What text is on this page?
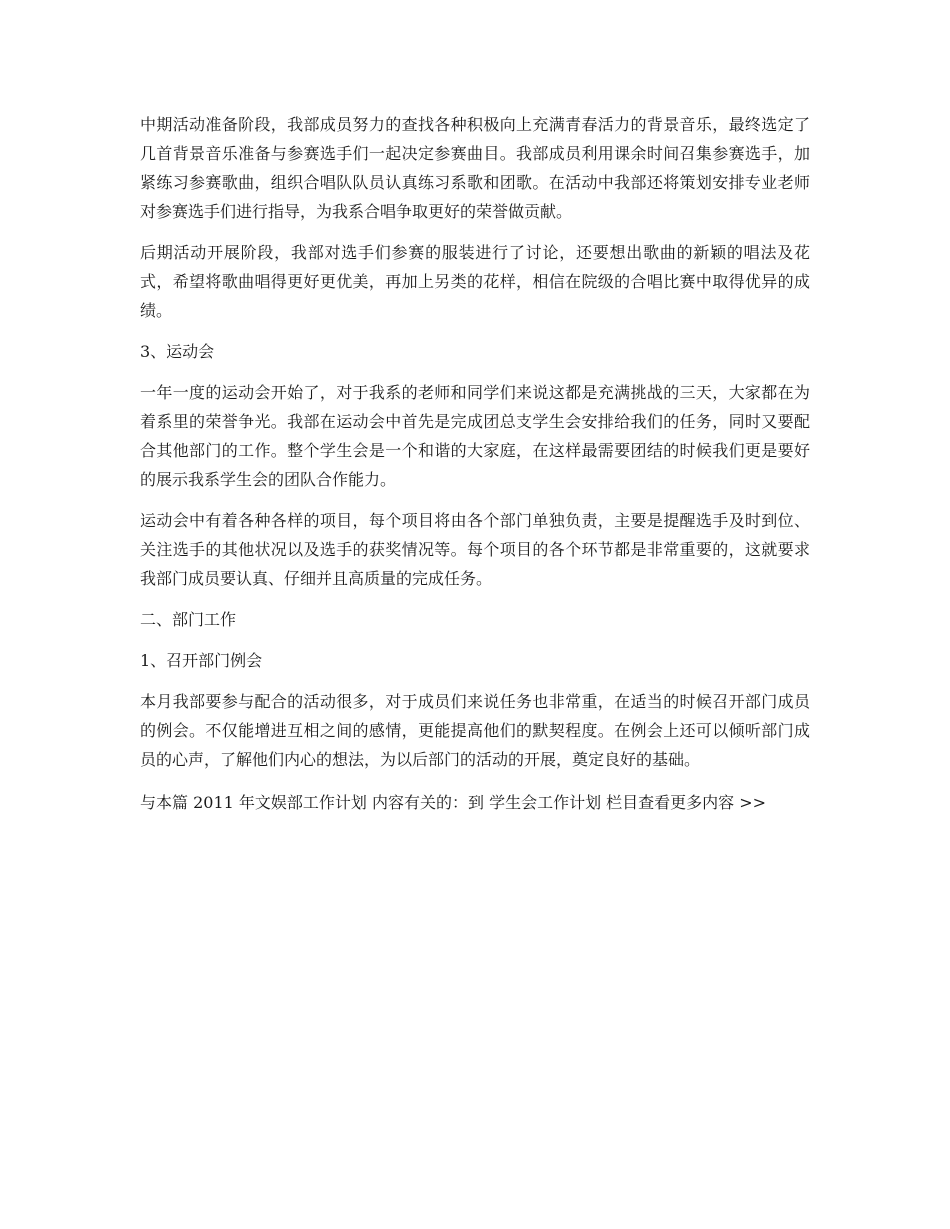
中期活动准备阶段，我部成员努力的查找各种积极向上充满青春活力的背景音乐，最终选定了几首背景音乐准备与参赛选手们一起决定参赛曲目。我部成员利用课余时间召集参赛选手，加紧练习参赛歌曲，组织合唱队队员认真练习系歌和团歌。在活动中我部还将策划安排专业老师对参赛选手们进行指导，为我系合唱争取更好的荣誉做贡献。

后期活动开展阶段，我部对选手们参赛的服装进行了讨论，还要想出歌曲的新颖的唱法及花式，希望将歌曲唱得更好更优美，再加上另类的花样，相信在院级的合唱比赛中取得优异的成绩。

3、运动会

一年一度的运动会开始了，对于我系的老师和同学们来说这都是充满挑战的三天，大家都在为着系里的荣誉争光。我部在运动会中首先是完成团总支学生会安排给我们的任务，同时又要配合其他部门的工作。整个学生会是一个和谐的大家庭，在这样最需要团结的时候我们更是要好的展示我系学生会的团队合作能力。

运动会中有着各种各样的项目，每个项目将由各个部门单独负责，主要是提醒选手及时到位、关注选手的其他状况以及选手的获奖情况等。每个项目的各个环节都是非常重要的，这就要求我部门成员要认真、仔细并且高质量的完成任务。

二、部门工作

1、召开部门例会

本月我部要参与配合的活动很多，对于成员们来说任务也非常重，在适当的时候召开部门成员的例会。不仅能增进互相之间的感情，更能提高他们的默契程度。在例会上还可以倾听部门成员的心声，了解他们内心的想法，为以后部门的活动的开展，奠定良好的基础。

与本篇 2011 年文娱部工作计划 内容有关的：到 学生会工作计划 栏目查看更多内容 >>
